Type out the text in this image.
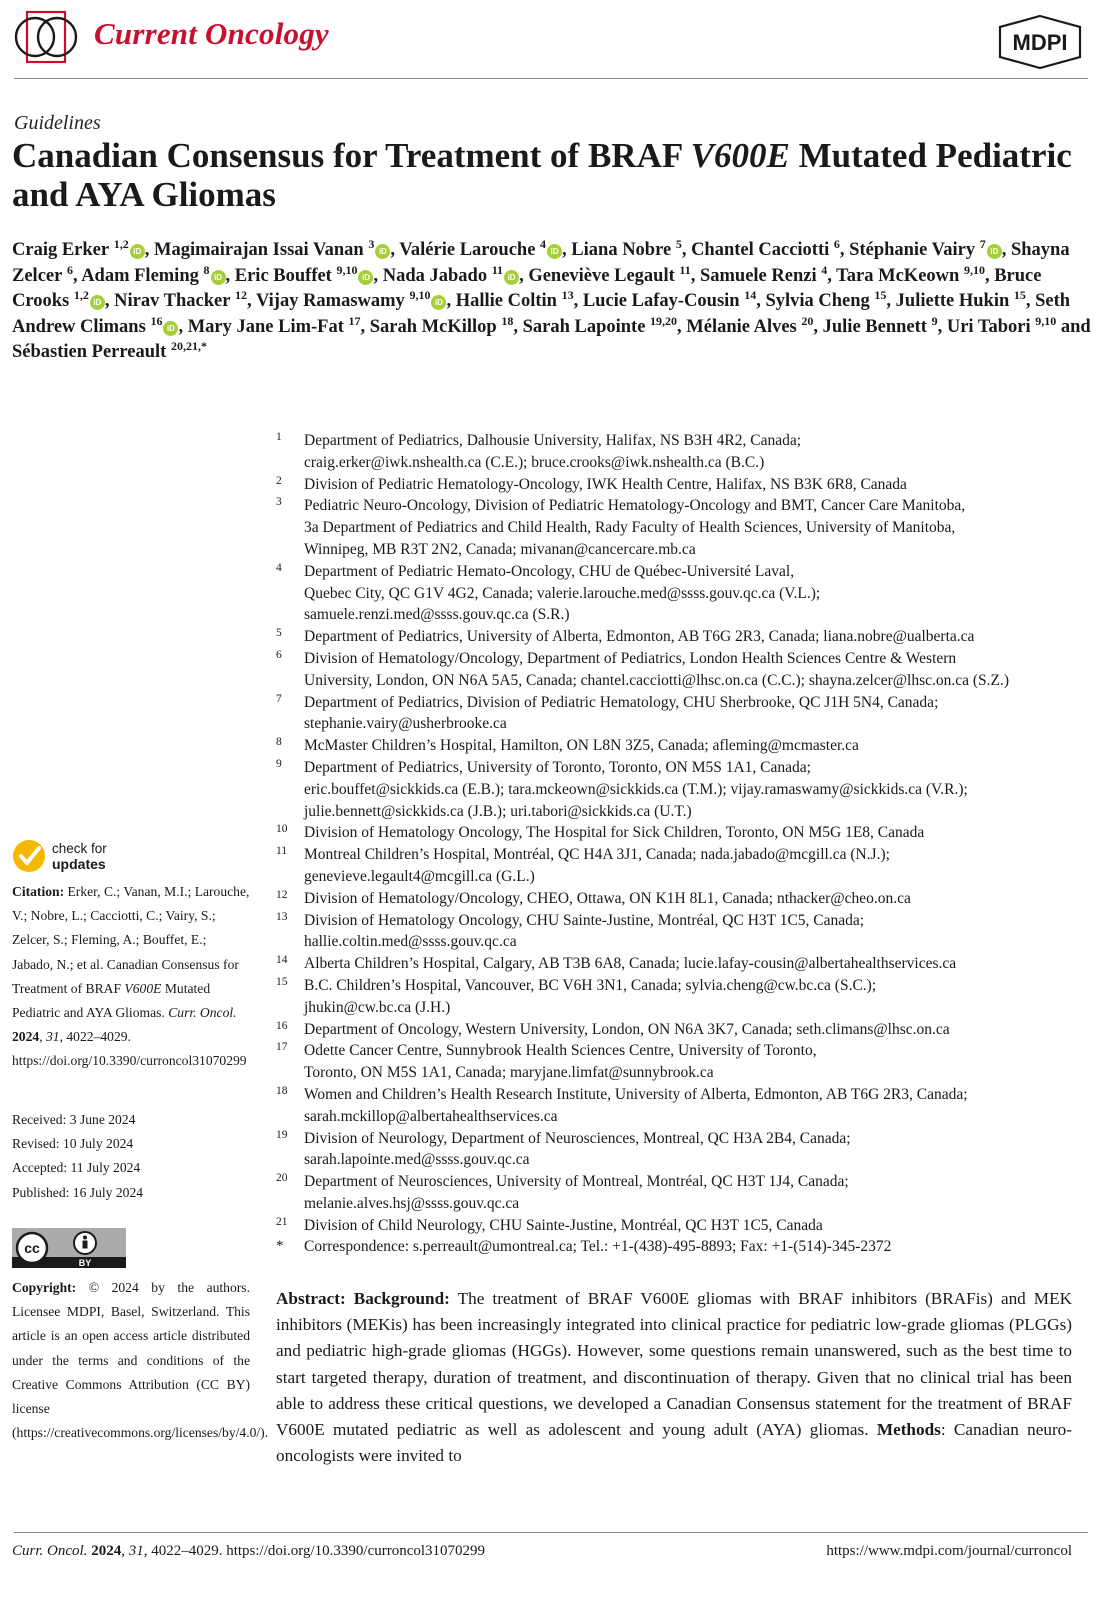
Current Oncology	MDPI
Guidelines
Canadian Consensus for Treatment of BRAF V600E Mutated Pediatric and AYA Gliomas
Craig Erker $^{1,2}$iD , Magimairajan Issai Vanan $^3$iD , Valérie Larouche $^4$iD , Liana Nobre $^5$, Chantel Cacciotti $^6$, Stéphanie Vairy $^7$iD , Shayna Zelcer $^6$, Adam Fleming $^8$iD , Eric Bouffet $^{9,10}$iD , Nada Jabado $^{11}$iD , Geneviève Legault $^{11}$, Samuele Renzi $^4$, Tara McKeown $^{9,10}$, Bruce Crooks $^{1,2}$iD , Nirav Thacker $^{12}$, Vijay Ramaswamy $^{9,10}$iD , Hallie Coltin $^{13}$, Lucie Lafay-Cousin $^{14}$, Sylvia Cheng $^{15}$, Juliette Hukin $^{15}$, Seth Andrew Climans $^{16}$iD , Mary Jane Lim-Fat $^{17}$, Sarah McKillop $^{18}$, Sarah Lapointe $^{19,20}$, Mélanie Alves $^{20}$, Julie Bennett $^9$, Uri Tabori $^{9,10}$ and Sébastien Perreault $^{20,21,*}$
1 Department of Pediatrics, Dalhousie University, Halifax, NS B3H 4R2, Canada;
craig.erker@iwk.nshealth.ca (C.E.); bruce.crooks@iwk.nshealth.ca (B.C.)
2 Division of Pediatric Hematology-Oncology, IWK Health Centre, Halifax, NS B3K 6R8, Canada
3 Pediatric Neuro-Oncology, Division of Pediatric Hematology-Oncology and BMT, Cancer Care Manitoba,
3a Department of Pediatrics and Child Health, Rady Faculty of Health Sciences, University of Manitoba,
Winnipeg, MB R3T 2N2, Canada; mivanan@cancercare.mb.ca
4 Department of Pediatric Hemato-Oncology, CHU de Québec-Université Laval,
Quebec City, QC G1V 4G2, Canada; valerie.larouche.med@ssss.gouv.qc.ca (V.L.);
samuele.renzi.med@ssss.gouv.qc.ca (S.R.)
5 Department of Pediatrics, University of Alberta, Edmonton, AB T6G 2R3, Canada; liana.nobre@ualberta.ca
6 Division of Hematology/Oncology, Department of Pediatrics, London Health Sciences Centre & Western
University, London, ON N6A 5A5, Canada; chantel.cacciotti@lhsc.on.ca (C.C.); shayna.zelcer@lhsc.on.ca (S.Z.)
7 Department of Pediatrics, Division of Pediatric Hematology, CHU Sherbrooke, QC J1H 5N4, Canada;
stephanie.vairy@usherbrooke.ca
8 McMaster Children’s Hospital, Hamilton, ON L8N 3Z5, Canada; afleming@mcmaster.ca
9 Department of Pediatrics, University of Toronto, Toronto, ON M5S 1A1, Canada;
eric.bouffet@sickkids.ca (E.B.); tara.mckeown@sickkids.ca (T.M.); vijay.ramaswamy@sickkids.ca (V.R.);
julie.bennett@sickkids.ca (J.B.); uri.tabori@sickkids.ca (U.T.)
10 Division of Hematology Oncology, The Hospital for Sick Children, Toronto, ON M5G 1E8, Canada
11 Montreal Children’s Hospital, Montréal, QC H4A 3J1, Canada; nada.jabado@mcgill.ca (N.J.);
genevieve.legault4@mcgill.ca (G.L.)
12 Division of Hematology/Oncology, CHEO, Ottawa, ON K1H 8L1, Canada; nthacker@cheo.on.ca
13 Division of Hematology Oncology, CHU Sainte-Justine, Montréal, QC H3T 1C5, Canada;
hallie.coltin.med@ssss.gouv.qc.ca
14 Alberta Children’s Hospital, Calgary, AB T3B 6A8, Canada; lucie.lafay-cousin@albertahealthservices.ca
15 B.C. Children’s Hospital, Vancouver, BC V6H 3N1, Canada; sylvia.cheng@cw.bc.ca (S.C.);
jhukin@cw.bc.ca (J.H.)
16 Department of Oncology, Western University, London, ON N6A 3K7, Canada; seth.climans@lhsc.on.ca
17 Odette Cancer Centre, Sunnybrook Health Sciences Centre, University of Toronto,
Toronto, ON M5S 1A1, Canada; maryjane.limfat@sunnybrook.ca
18 Women and Children’s Health Research Institute, University of Alberta, Edmonton, AB T6G 2R3, Canada;
sarah.mckillop@albertahealthservices.ca
19 Division of Neurology, Department of Neurosciences, Montreal, QC H3A 2B4, Canada;
sarah.lapointe.med@ssss.gouv.qc.ca
20 Department of Neurosciences, University of Montreal, Montréal, QC H3T 1J4, Canada;
melanie.alves.hsj@ssss.gouv.qc.ca
21 Division of Child Neurology, CHU Sainte-Justine, Montréal, QC H3T 1C5, Canada
* Correspondence: s.perreault@umontreal.ca; Tel.: +1-(438)-495-8893; Fax: +1-(514)-345-2372
check for
updates
Citation: Erker, C.; Vanan, M.I.; Larouche, V.; Nobre, L.; Cacciotti, C.; Vairy, S.; Zelcer, S.; Fleming, A.; Bouffet, E.; Jabado, N.; et al. Canadian Consensus for Treatment of BRAF V600E Mutated Pediatric and AYA Gliomas. Curr. Oncol. 2024, 31, 4022–4029. https://doi.org/10.3390/curroncol31070299
Received: 3 June 2024
Revised: 10 July 2024
Accepted: 11 July 2024
Published: 16 July 2024
cc
BY
Copyright: © 2024 by the authors. Licensee MDPI, Basel, Switzerland. This article is an open access article distributed under the terms and conditions of the Creative Commons Attribution (CC BY) license (https://creativecommons.org/licenses/by/4.0/).
Abstract: Background: The treatment of BRAF V600E gliomas with BRAF inhibitors (BRAFis) and MEK inhibitors (MEKis) has been increasingly integrated into clinical practice for pediatric low-grade gliomas (PLGGs) and pediatric high-grade gliomas (HGGs). However, some questions remain unanswered, such as the best time to start targeted therapy, duration of treatment, and discontinuation of therapy. Given that no clinical trial has been able to address these critical questions, we developed a Canadian Consensus statement for the treatment of BRAF V600E mutated pediatric as well as adolescent and young adult (AYA) gliomas. Methods: Canadian neuro-oncologists were invited to
Curr. Oncol. 2024, 31, 4022–4029. https://doi.org/10.3390/curroncol31070299	https://www.mdpi.com/journal/curroncol
